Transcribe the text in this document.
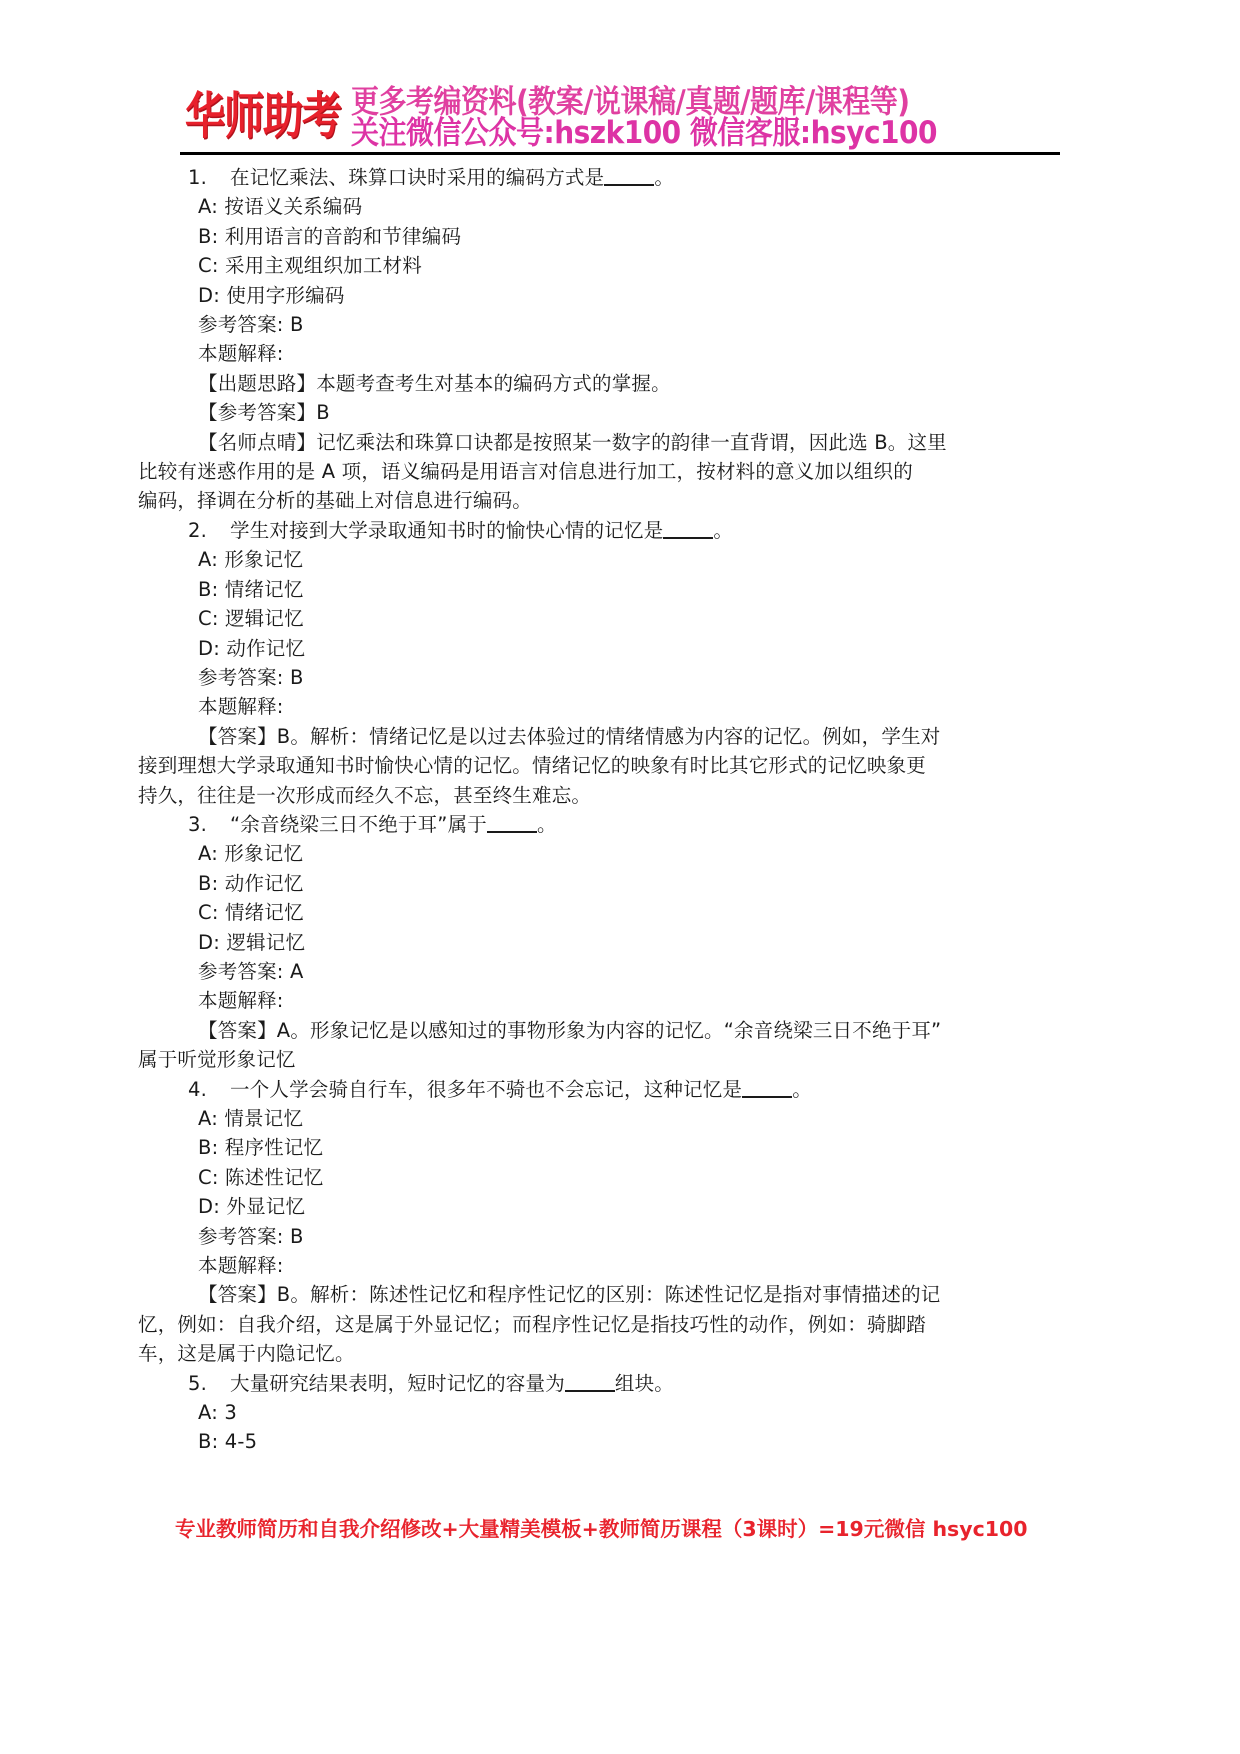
华师助考 更多考编资料(教案/说课稿/真题/题库/课程等)
关注微信公众号:hszk100 微信客服:hsyc100
1. 在记忆乘法、珠算口诀时采用的编码方式是	。
A: 按语义关系编码
B: 利用语言的音韵和节律编码
C: 采用主观组织加工材料
D: 使用字形编码
参考答案: B
本题解释:
【出题思路】本题考查考生对基本的编码方式的掌握。
【参考答案】B
【名师点晴】记忆乘法和珠算口诀都是按照某一数字的韵律一直背谓，因此选 B。这里
比较有迷惑作用的是 A 项，语义编码是用语言对信息进行加工，按材料的意义加以组织的
编码，择调在分析的基础上对信息进行编码。
2. 学生对接到大学录取通知书时的愉快心情的记忆是	。
A: 形象记忆
B: 情绪记忆
C: 逻辑记忆
D: 动作记忆
参考答案: B
本题解释:
【答案】B。解析：情绪记忆是以过去体验过的情绪情感为内容的记忆。例如，学生对
接到理想大学录取通知书时愉快心情的记忆。情绪记忆的映象有时比其它形式的记忆映象更
持久，往往是一次形成而经久不忘，甚至终生难忘。
3. “余音绕梁三日不绝于耳”属于	。
A: 形象记忆
B: 动作记忆
C: 情绪记忆
D: 逻辑记忆
参考答案: A
本题解释:
【答案】A。形象记忆是以感知过的事物形象为内容的记忆。“余音绕梁三日不绝于耳”
属于听觉形象记忆
4. 一个人学会骑自行车，很多年不骑也不会忘记，这种记忆是	。
A: 情景记忆
B: 程序性记忆
C: 陈述性记忆
D: 外显记忆
参考答案: B
本题解释:
【答案】B。解析：陈述性记忆和程序性记忆的区别：陈述性记忆是指对事情描述的记
忆，例如：自我介绍，这是属于外显记忆；而程序性记忆是指技巧性的动作，例如：骑脚踏
车，这是属于内隐记忆。
5. 大量研究结果表明，短时记忆的容量为	组块。
A: 3
B: 4-5
专业教师简历和自我介绍修改+大量精美模板+教师简历课程（3课时）=19元微信 hsyc100
